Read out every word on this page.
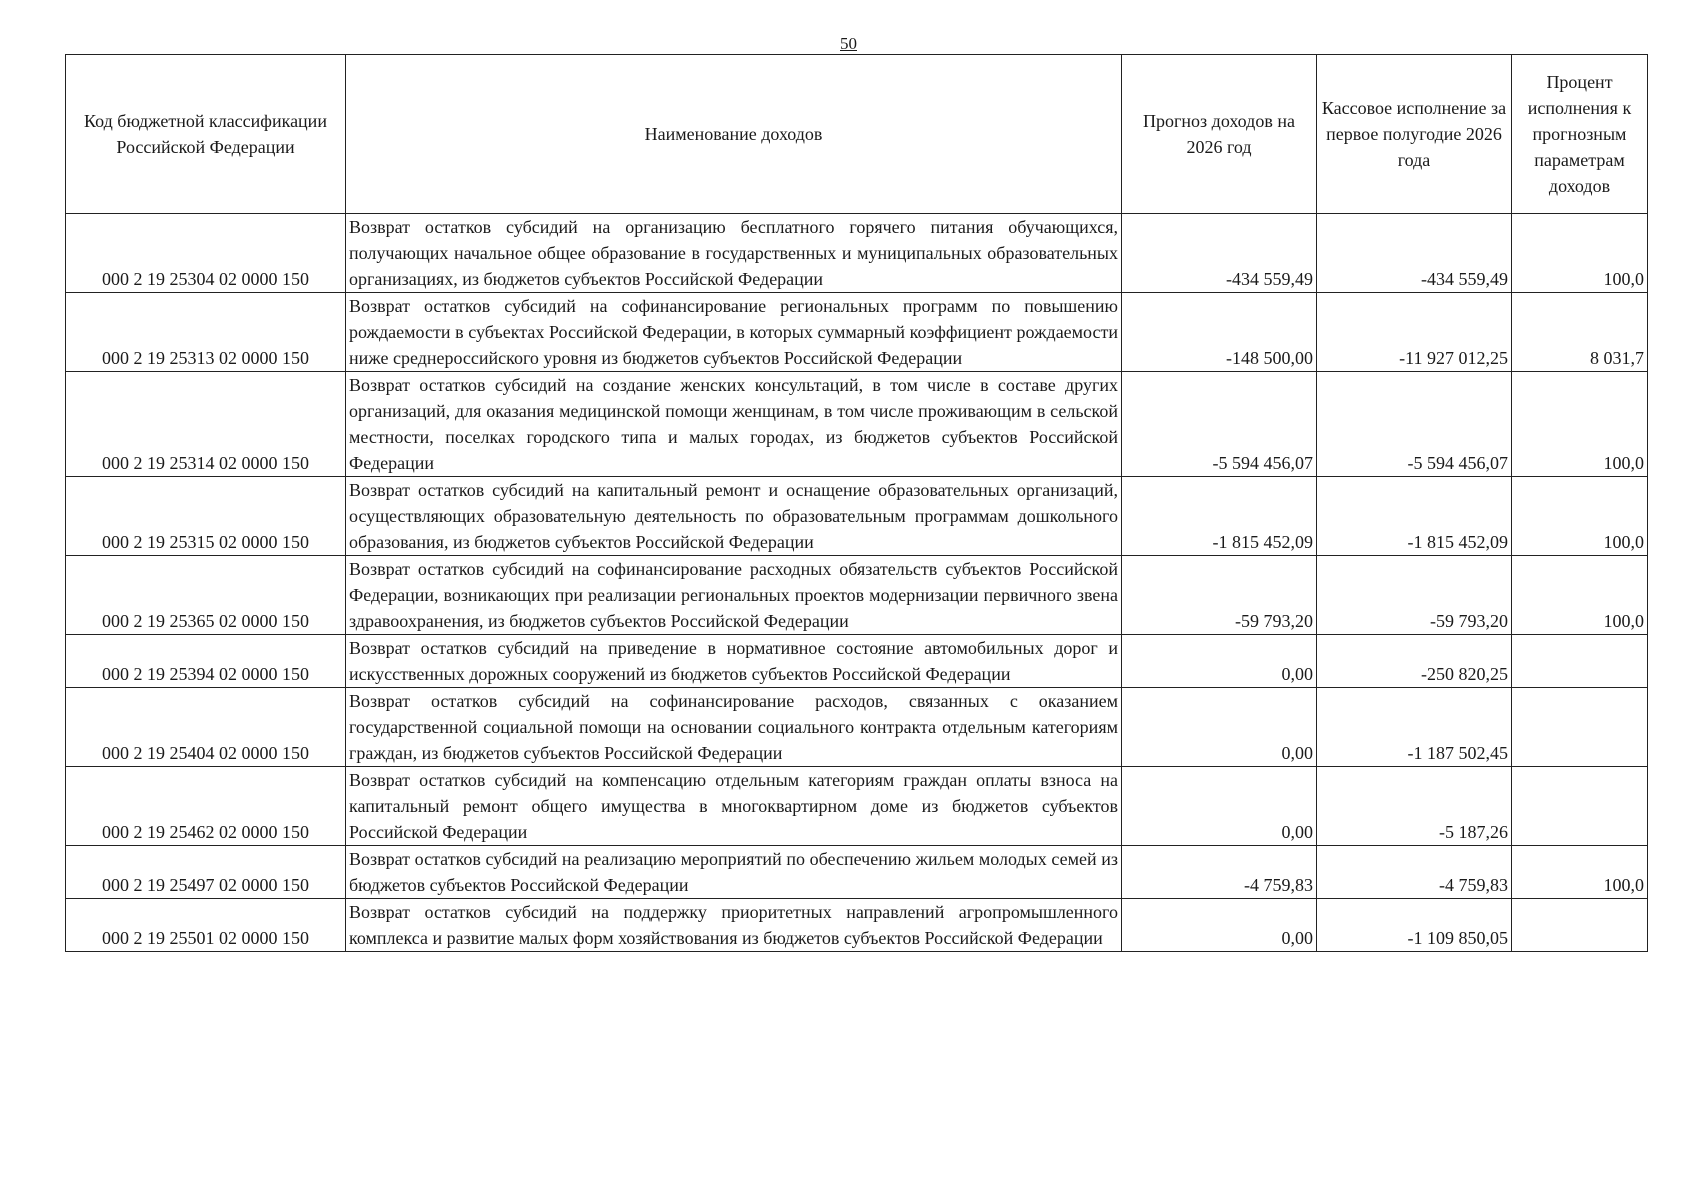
50
Код бюджетной классификации Российской Федерации	Наименование доходов	Прогноз доходов на 2026 год	Кассовое исполнение за первое полугодие 2026 года	Процент исполнения к прогнозным параметрам доходов
000 2 19 25304 02 0000 150	Возврат остатков субсидий на организацию бесплатного горячего питания обучающихся, получающих начальное общее образование в государственных и муниципальных образовательных организациях, из бюджетов субъектов Российской Федерации	-434 559,49	-434 559,49	100,0
000 2 19 25313 02 0000 150	Возврат остатков субсидий на софинансирование региональных программ по повышению рождаемости в субъектах Российской Федерации, в которых суммарный коэффициент рождаемости ниже среднероссийского уровня из бюджетов субъектов Российской Федерации	-148 500,00	-11 927 012,25	8 031,7
000 2 19 25314 02 0000 150	Возврат остатков субсидий на создание женских консультаций, в том числе в составе других организаций, для оказания медицинской помощи женщинам, в том числе проживающим в сельской местности, поселках городского типа и малых городах, из бюджетов субъектов Российской Федерации	-5 594 456,07	-5 594 456,07	100,0
000 2 19 25315 02 0000 150	Возврат остатков субсидий на капитальный ремонт и оснащение образовательных организаций, осуществляющих образовательную деятельность по образовательным программам дошкольного образования, из бюджетов субъектов Российской Федерации	-1 815 452,09	-1 815 452,09	100,0
000 2 19 25365 02 0000 150	Возврат остатков субсидий на софинансирование расходных обязательств субъектов Российской Федерации, возникающих при реализации региональных проектов модернизации первичного звена здравоохранения, из бюджетов субъектов Российской Федерации	-59 793,20	-59 793,20	100,0
000 2 19 25394 02 0000 150	Возврат остатков субсидий на приведение в нормативное состояние автомобильных дорог и искусственных дорожных сооружений из бюджетов субъектов Российской Федерации	0,00	-250 820,25	
000 2 19 25404 02 0000 150	Возврат остатков субсидий на софинансирование расходов, связанных с оказанием государственной социальной помощи на основании социального контракта отдельным категориям граждан, из бюджетов субъектов Российской Федерации	0,00	-1 187 502,45	
000 2 19 25462 02 0000 150	Возврат остатков субсидий на компенсацию отдельным категориям граждан оплаты взноса на капитальный ремонт общего имущества в многоквартирном доме из бюджетов субъектов Российской Федерации	0,00	-5 187,26	
000 2 19 25497 02 0000 150	Возврат остатков субсидий на реализацию мероприятий по обеспечению жильем молодых семей из бюджетов субъектов Российской Федерации	-4 759,83	-4 759,83	100,0
000 2 19 25501 02 0000 150	Возврат остатков субсидий на поддержку приоритетных направлений агропромышленного комплекса и развитие малых форм хозяйствования из бюджетов субъектов Российской Федерации	0,00	-1 109 850,05	
